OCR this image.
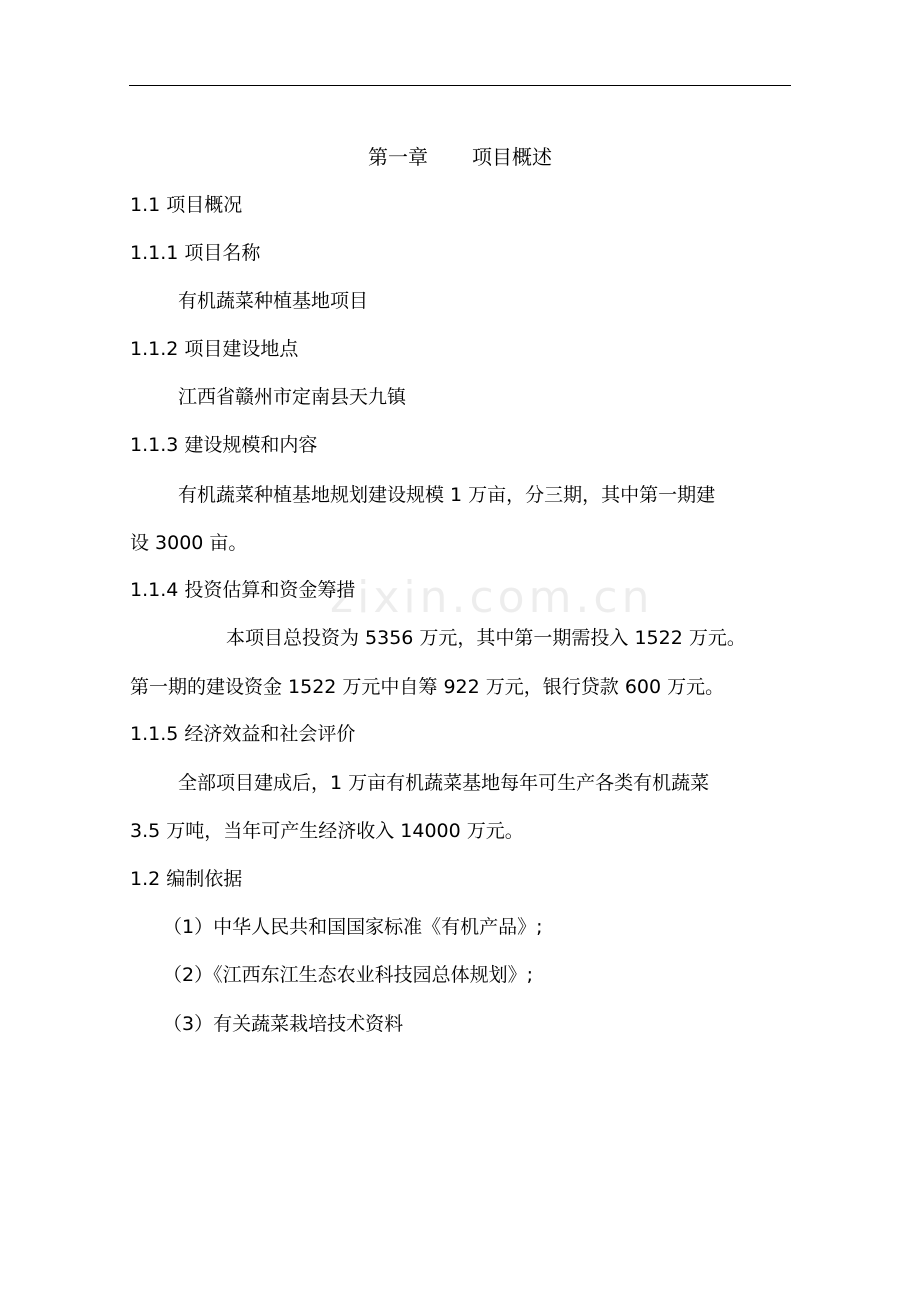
第一章 项目概述
1.1 项目概况
1.1.1 项目名称
有机蔬菜种植基地项目
1.1.2 项目建设地点
江西省赣州市定南县天九镇
1.1.3 建设规模和内容
有机蔬菜种植基地规划建设规模 1 万亩，分三期，其中第一期建
设 3000 亩。
1.1.4 投资估算和资金筹措
本项目总投资为 5356 万元，其中第一期需投入 1522 万元。
第一期的建设资金 1522 万元中自筹 922 万元，银行贷款 600 万元。
1.1.5 经济效益和社会评价
全部项目建成后，1 万亩有机蔬菜基地每年可生产各类有机蔬菜
3.5 万吨，当年可产生经济收入 14000 万元。
1.2 编制依据
（1）中华人民共和国国家标准《有机产品》;
（2）《江西东江生态农业科技园总体规划》;
（3）有关蔬菜栽培技术资料
zixin.com.cn
